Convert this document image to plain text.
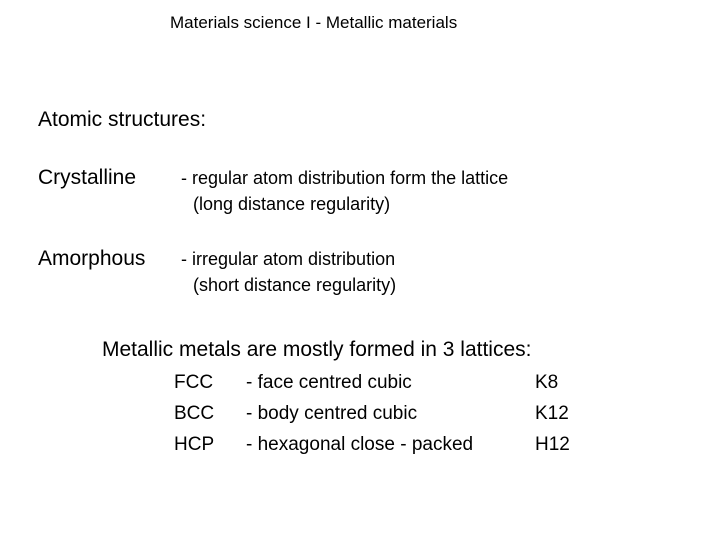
Materials science I - Metallic materials
Atomic structures:
Crystalline - regular atom distribution form the lattice
(long distance regularity)
Amorphous - irregular atom distribution
(short distance regularity)
Metallic metals are mostly formed in 3 lattices:
FCC - face centred cubic	K8
BCC - body centred cubic	K12
HCP - hexagonal close - packed	H12
